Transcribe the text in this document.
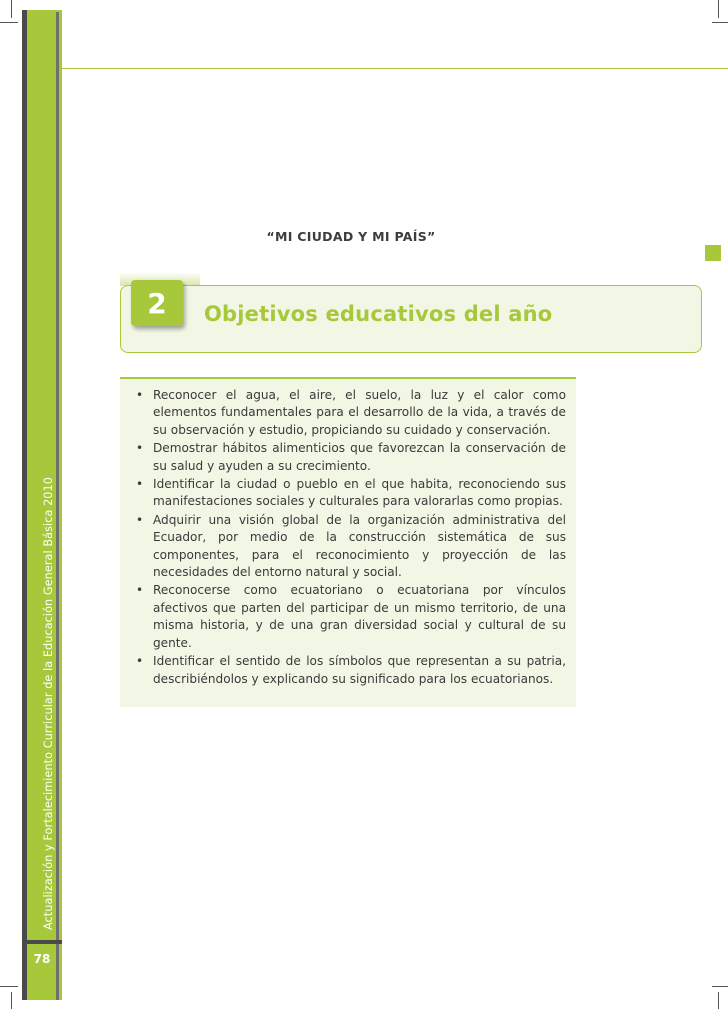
Actualización y Fortalecimiento Curricular de la Educación General Básica 2010
78
“MI CIUDAD Y MI PAÍS”
2	Objetivos educativos del año
• Reconocer el agua, el aire, el suelo, la luz y el calor como elementos fundamentales para el desarrollo de la vida, a través de su observación y estudio, propiciando su cuidado y conservación.
• Demostrar hábitos alimenticios que favorezcan la conservación de su salud y ayuden a su crecimiento.
• Identificar la ciudad o pueblo en el que habita, reconociendo sus manifestaciones sociales y culturales para valorarlas como propias.
• Adquirir una visión global de la organización administrativa del Ecuador, por medio de la construcción sistemática de sus componentes, para el reconocimiento y proyección de las necesidades del entorno natural y social.
• Reconocerse como ecuatoriano o ecuatoriana por vínculos afectivos que parten del participar de un mismo territorio, de una misma historia, y de una gran diversidad social y cultural de su gente.
• Identificar el sentido de los símbolos que representan a su patria, describiéndolos y explicando su significado para los ecuatorianos.
